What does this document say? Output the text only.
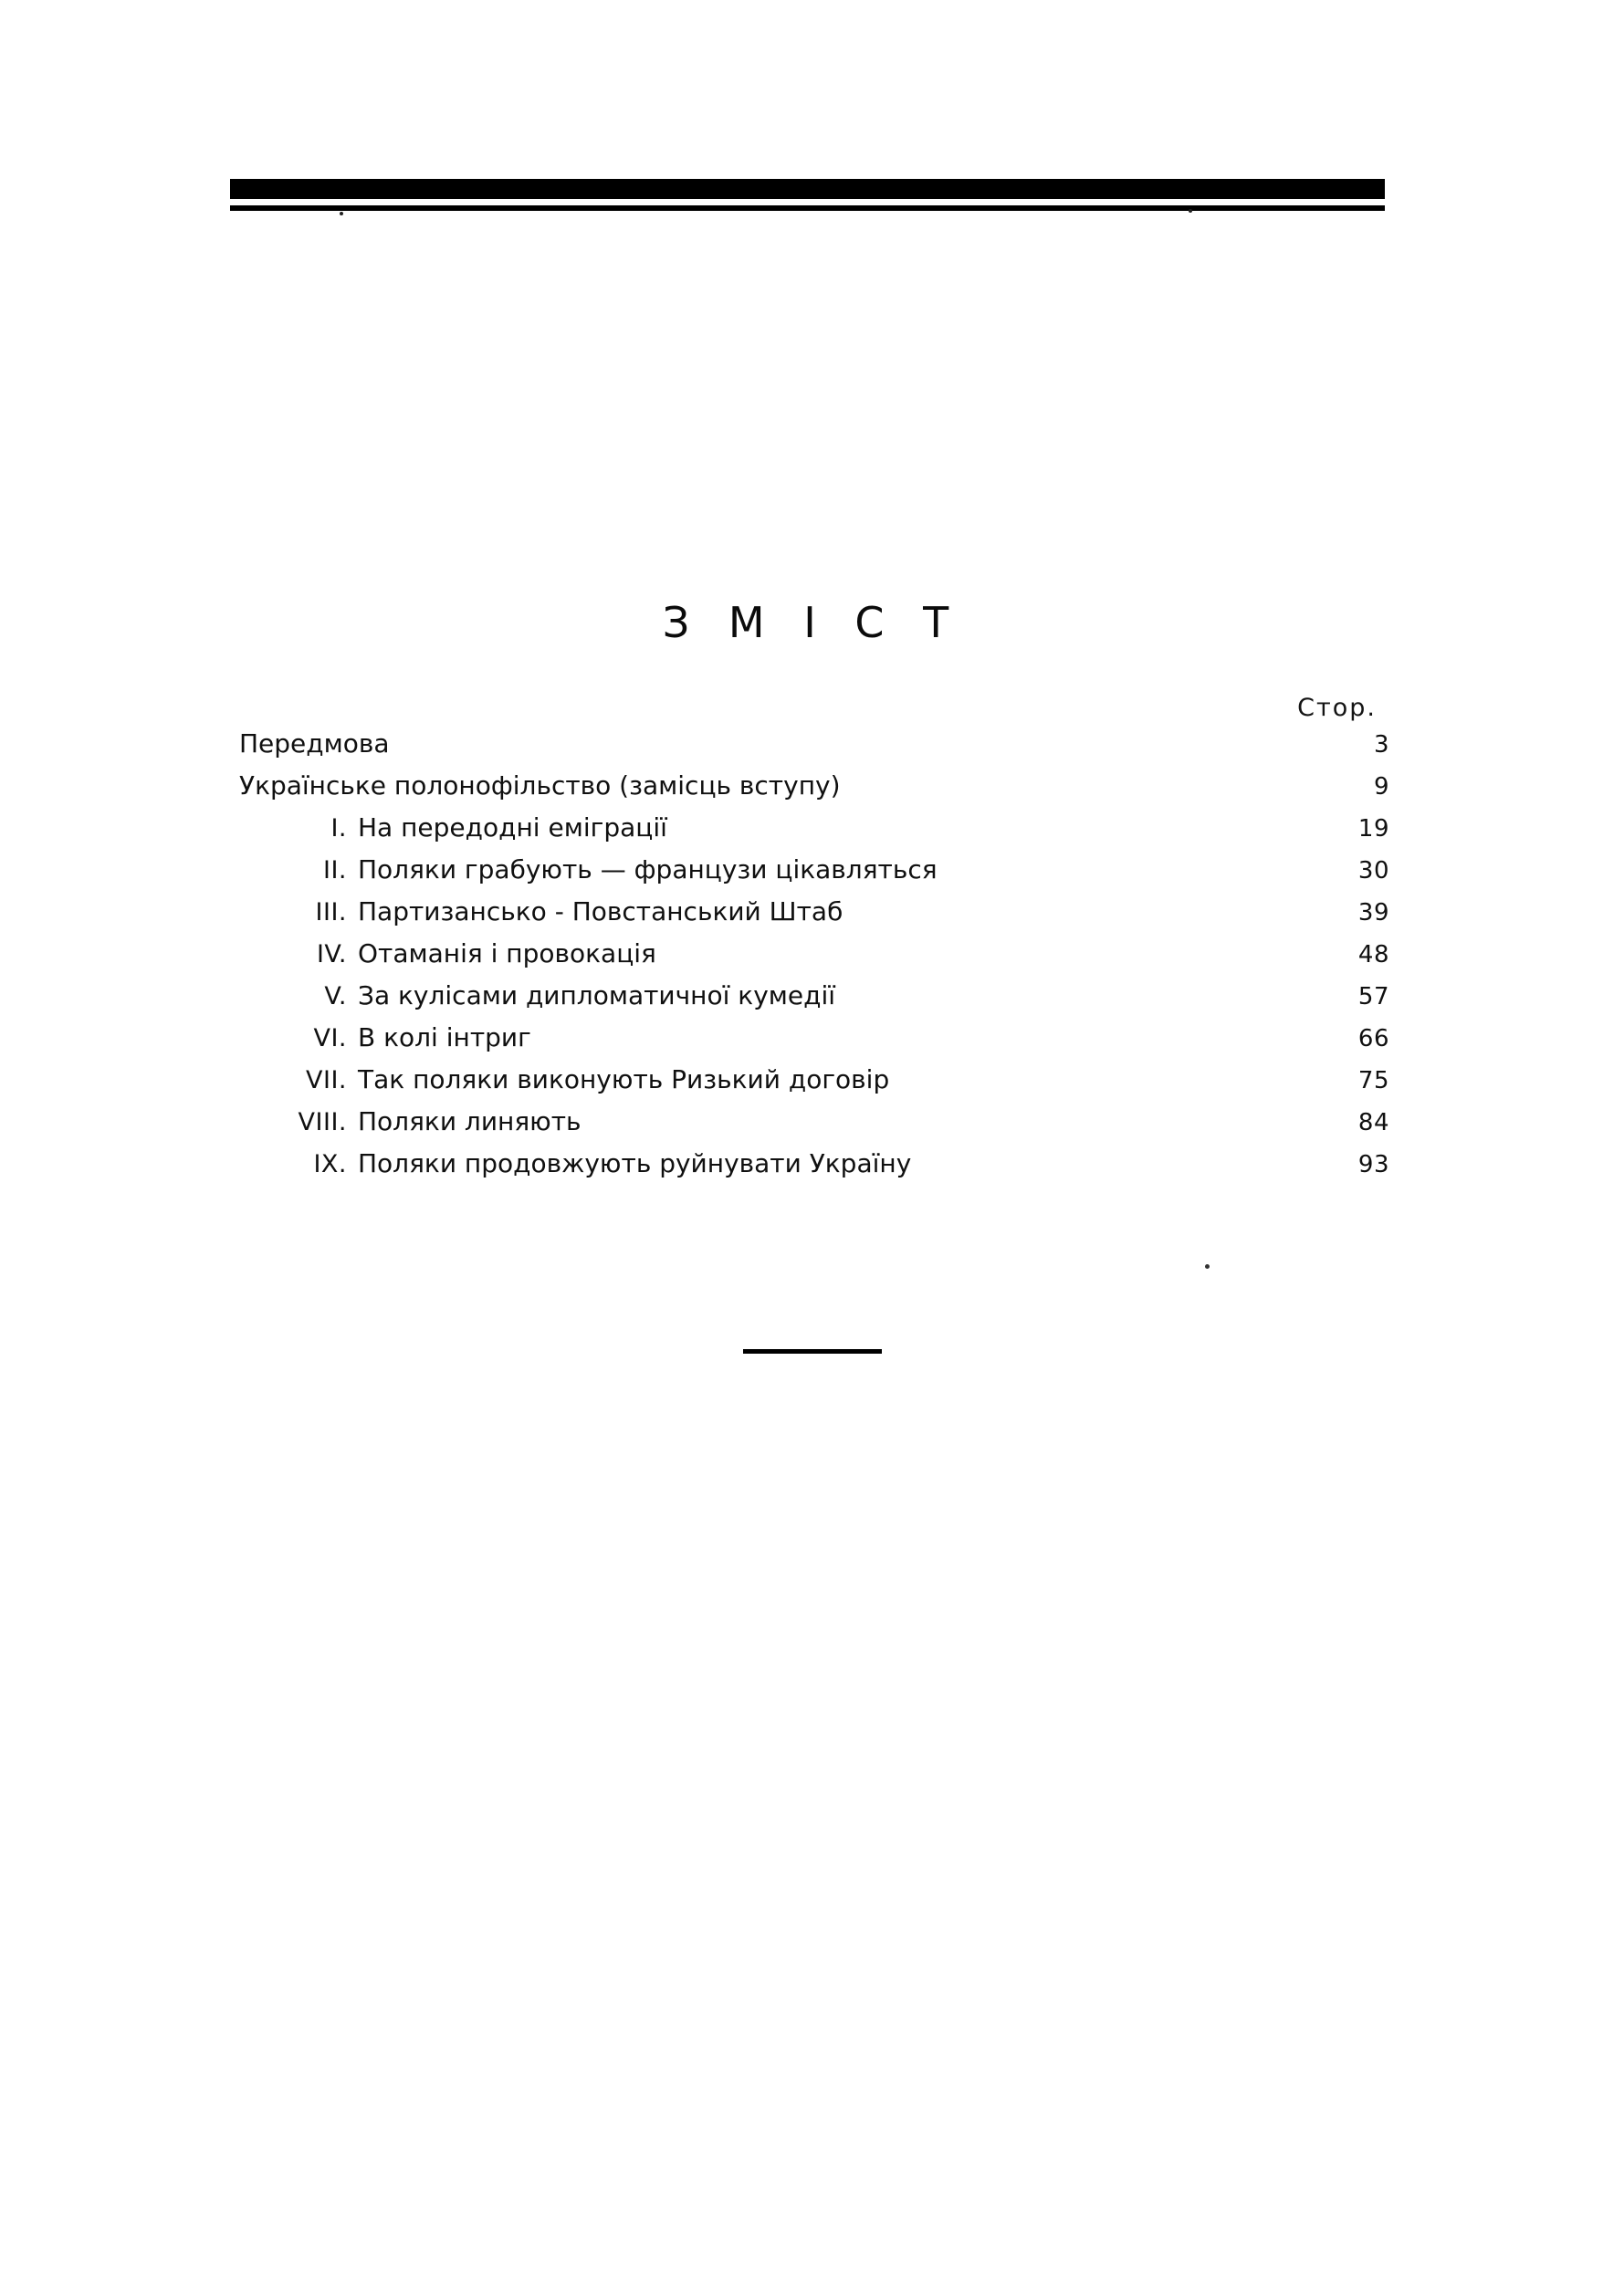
З М І С Т
Стор.
Передмова	3
Українське полонофільство (замісць вступу)	9
I. На передодні еміграції	19
II. Поляки грабують — французи цікавляться	30
III. Партизансько - Повстанський Штаб	39
IV. Отаманія і провокація	48
V. За кулісами дипломатичної кумедії	57
VI. В колі інтриг	66
VII. Так поляки виконують Ризький договір	75
VIII. Поляки линяють	84
IX. Поляки продовжують руйнувати Україну	93
